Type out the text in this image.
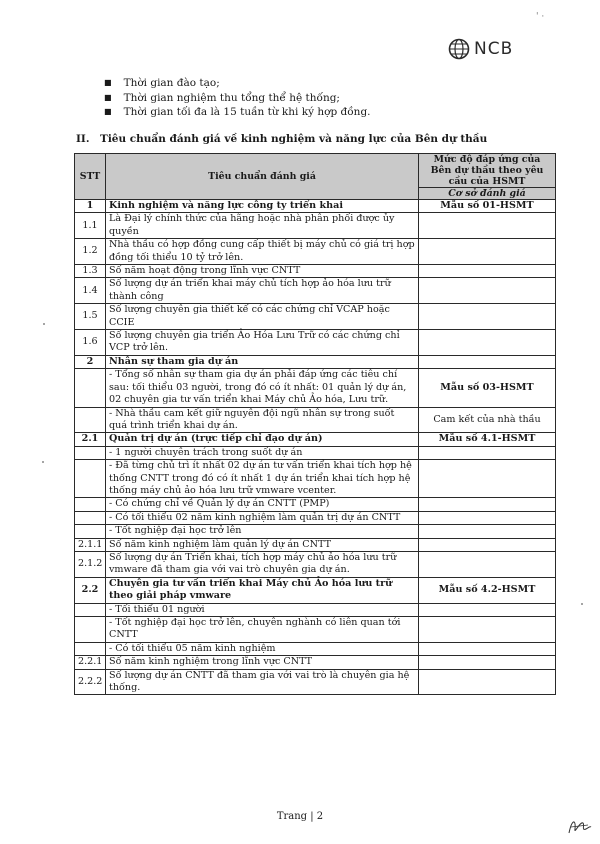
' ·
NCB
■ Thời gian đào tạo;
■ Thời gian nghiệm thu tổng thể hệ thống;
■ Thời gian tối đa là 15 tuần từ khi ký hợp đồng.
II. Tiêu chuẩn đánh giá về kinh nghiệm và năng lực của Bên dự thầu
STT	Tiêu chuẩn đánh giá	Mức độ đáp ứng của Bên dự thầu theo yêu cầu của HSMT
Cơ sở đánh giá

1	Kinh nghiệm và năng lực công ty triển khai	Mẫu số 01-HSMT
1.1	Là Đại lý chính thức của hãng hoặc nhà phân phối được ủy quyền	
1.2	Nhà thầu có hợp đồng cung cấp thiết bị máy chủ có giá trị hợp đồng tối thiểu 10 tỷ trở lên.	
1.3	Số năm hoạt động trong lĩnh vực CNTT	
1.4	Số lượng dự án triển khai máy chủ tích hợp ảo hóa lưu trữ thành công	
1.5	Số lượng chuyên gia thiết kế có các chứng chỉ VCAP hoặc CCIE	
1.6	Số lượng chuyên gia triển Ảo Hóa Lưu Trữ có các chứng chỉ VCP trở lên.	
2	Nhân sự tham gia dự án	
	- Tổng số nhân sự tham gia dự án phải đáp ứng các tiêu chí sau: tối thiểu 03 người, trong đó có ít nhất: 01 quản lý dự án, 02 chuyên gia tư vấn triển khai Máy chủ Ảo hóa, Lưu trữ.	Mẫu số 03-HSMT
	- Nhà thầu cam kết giữ nguyên đội ngũ nhân sự trong suốt quá trình triển khai dự án.	Cam kết của nhà thầu
2.1	Quản trị dự án (trực tiếp chỉ đạo dự án)	Mẫu số 4.1-HSMT
	- 1 người chuyên trách trong suốt dự án	
	- Đã từng chủ trì ít nhất 02 dự án tư vấn triển khai tích hợp hệ thống CNTT trong đó có ít nhất 1 dự án triển khai tích hợp hệ thống máy chủ ảo hóa lưu trữ vmware vcenter.	
	- Có chứng chỉ về Quản lý dự án CNTT (PMP)	
	- Có tối thiểu 02 năm kinh nghiệm làm quản trị dự án CNTT	
	- Tốt nghiệp đại học trở lên	
2.1.1	Số năm kinh nghiệm làm quản lý dự án CNTT	
2.1.2	Số lượng dự án Triển khai, tích hợp máy chủ ảo hóa lưu trữ vmware đã tham gia với vai trò chuyên gia dự án.	
2.2	Chuyên gia tư vấn triển khai Máy chủ Ảo hóa lưu trữ theo giải pháp vmware	Mẫu số 4.2-HSMT
	- Tối thiểu 01 người	
	- Tốt nghiệp đại học trở lên, chuyên nghành có liên quan tới CNTT	
	- Có tối thiểu 05 năm kinh nghiệm	
2.2.1	Số năm kinh nghiệm trong lĩnh vực CNTT	
2.2.2	Số lượng dự án CNTT đã tham gia với vai trò là chuyên gia hệ thống.	
Trang | 2
